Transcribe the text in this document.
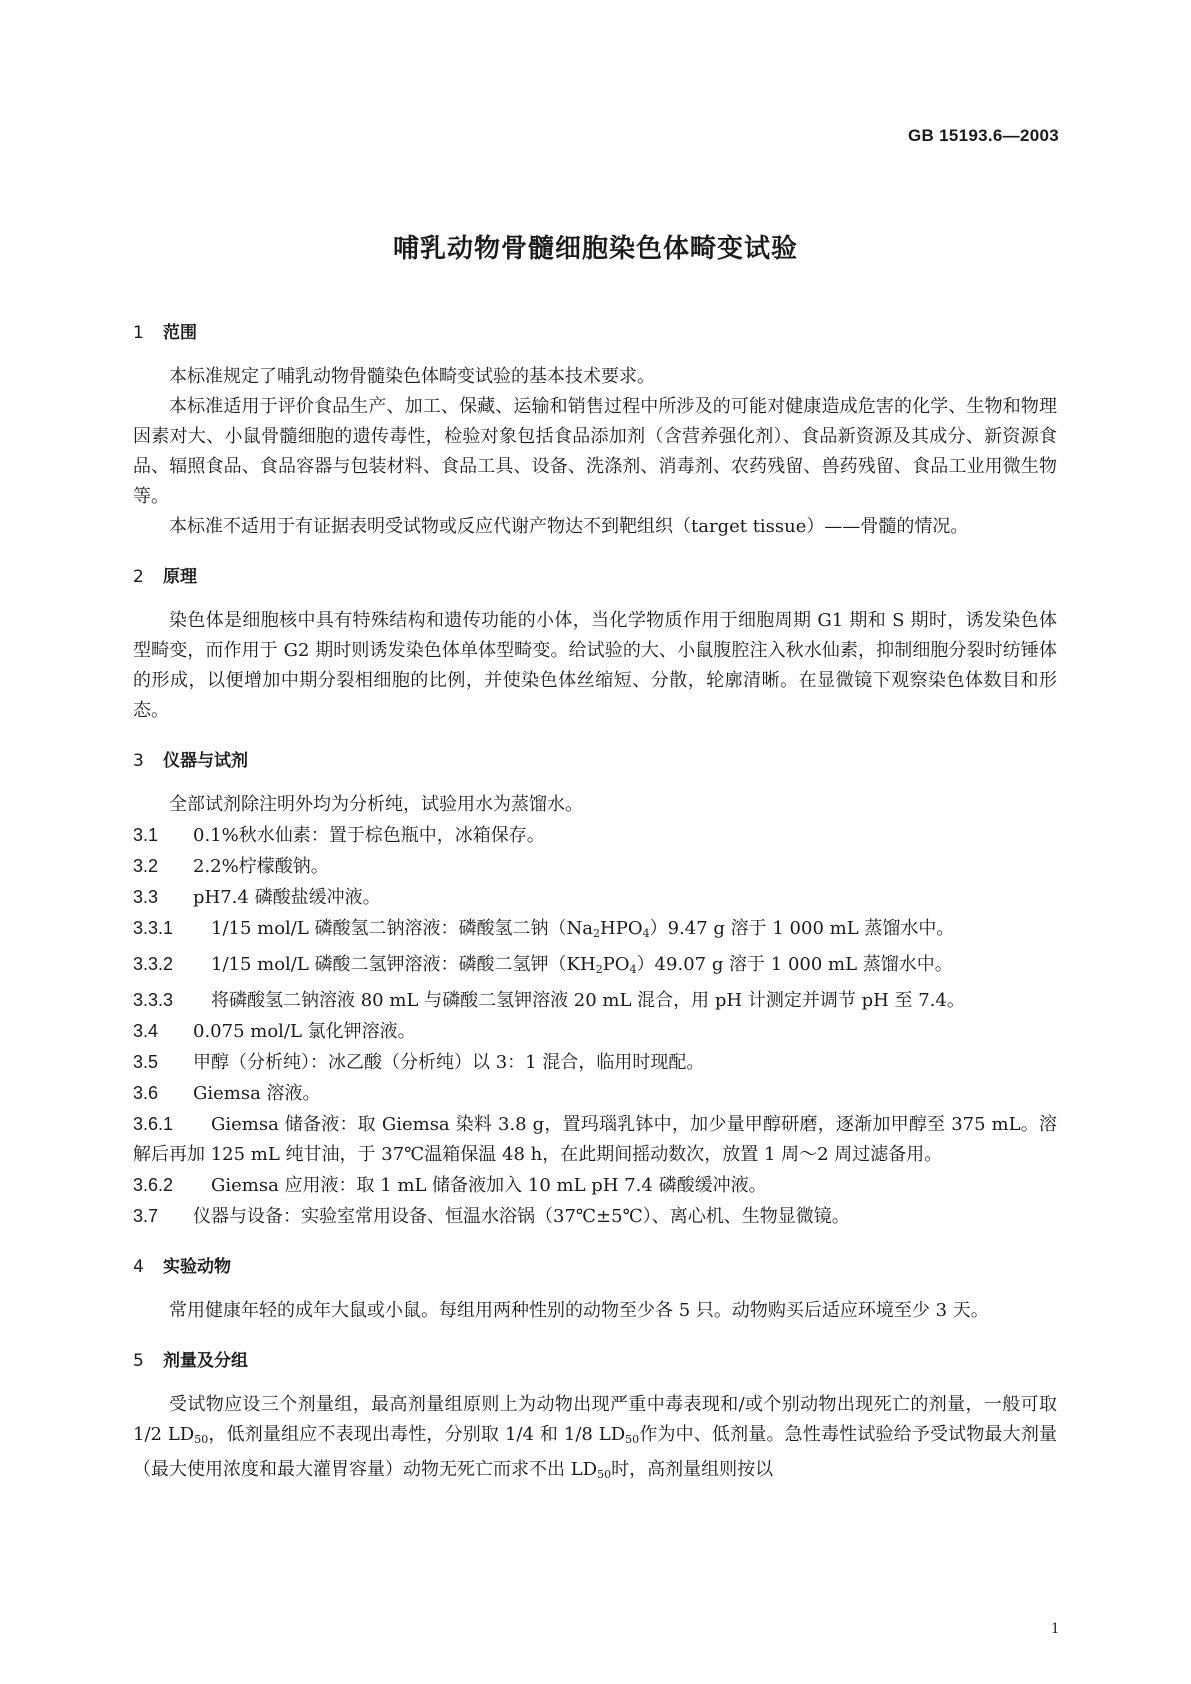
GB 15193.6—2003
哺乳动物骨髓细胞染色体畸变试验
1 范围

本标准规定了哺乳动物骨髓染色体畸变试验的基本技术要求。

本标准适用于评价食品生产、加工、保藏、运输和销售过程中所涉及的可能对健康造成危害的化学、生物和物理因素对大、小鼠骨髓细胞的遗传毒性，检验对象包括食品添加剂（含营养强化剂）、食品新资源及其成分、新资源食品、辐照食品、食品容器与包装材料、食品工具、设备、洗涤剂、消毒剂、农药残留、兽药残留、食品工业用微生物等。

本标准不适用于有证据表明受试物或反应代谢产物达不到靶组织（target tissue）——骨髓的情况。

2 原理

染色体是细胞核中具有特殊结构和遗传功能的小体，当化学物质作用于细胞周期 G1 期和 S 期时，诱发染色体型畸变，而作用于 G2 期时则诱发染色体单体型畸变。给试验的大、小鼠腹腔注入秋水仙素，抑制细胞分裂时纺锤体的形成，以便增加中期分裂相细胞的比例，并使染色体丝缩短、分散，轮廓清晰。在显微镜下观察染色体数目和形态。

3 仪器与试剂

全部试剂除注明外均为分析纯，试验用水为蒸馏水。

3.1 0.1%秋水仙素：置于棕色瓶中，冰箱保存。

3.2 2.2%柠檬酸钠。

3.3 pH7.4 磷酸盐缓冲液。

3.3.1 1/15 mol/L 磷酸氢二钠溶液：磷酸氢二钠$(Na_2HPO_4)9.47$ g 溶于 1 000 mL 蒸馏水中。

3.3.2 1/15 mol/L 磷酸二氢钾溶液：磷酸二氢钾$(KH_2PO_4)49.07$ g 溶于 1 000 mL 蒸馏水中。

3.3.3 将磷酸氢二钠溶液 80 mL 与磷酸二氢钾溶液 20 mL 混合，用 pH 计测定并调节 pH 至 7.4。

3.4 0.075 mol/L 氯化钾溶液。

3.5 甲醇（分析纯）：冰乙酸（分析纯）以 3：1 混合，临用时现配。

3.6 Giemsa 溶液。

3.6.1 Giemsa 储备液：取 Giemsa 染料 3.8 g，置玛瑙乳钵中，加少量甲醇研磨，逐渐加甲醇至 375 mL。溶解后再加 125 mL 纯甘油，于 37℃温箱保温 48 h，在此期间摇动数次，放置 1 周～2 周过滤备用。

3.6.2 Giemsa 应用液：取 1 mL 储备液加入 10 mL pH 7.4 磷酸缓冲液。

3.7 仪器与设备：实验室常用设备、恒温水浴锅（37℃±5℃）、离心机、生物显微镜。

4 实验动物

常用健康年轻的成年大鼠或小鼠。每组用两种性别的动物至少各 5 只。动物购买后适应环境至少 3 天。

5 剂量及分组

受试物应设三个剂量组，最高剂量组原则上为动物出现严重中毒表现和/或个别动物出现死亡的剂量，一般可取 1/2 $LD_{50}$，低剂量组应不表现出毒性，分别取 1/4 和 1/8 $LD_{50}$作为中、低剂量。急性毒性试验给予受试物最大剂量（最大使用浓度和最大灌胃容量）动物无死亡而求不出 $LD_{50}$时，高剂量组则按以

1
